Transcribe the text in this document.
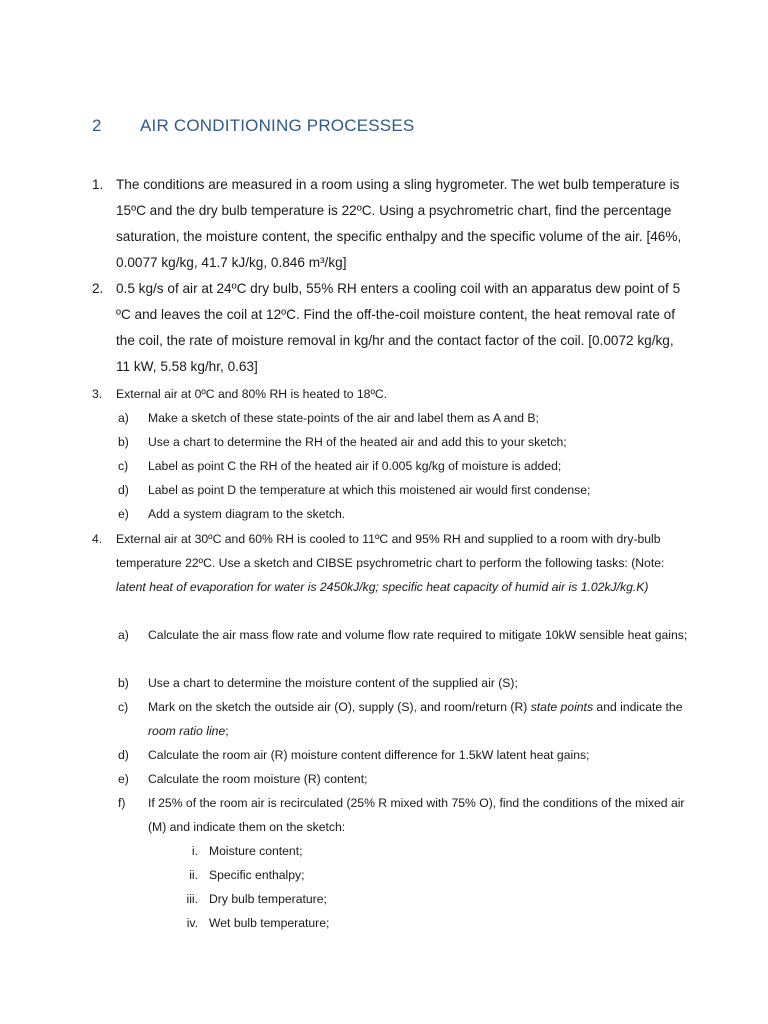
2 AIR CONDITIONING PROCESSES
1. The conditions are measured in a room using a sling hygrometer. The wet bulb temperature is 15ºC and the dry bulb temperature is 22ºC. Using a psychrometric chart, find the percentage saturation, the moisture content, the specific enthalpy and the specific volume of the air. [46%, 0.0077 kg/kg, 41.7 kJ/kg, 0.846 m³/kg]
2. 0.5 kg/s of air at 24ºC dry bulb, 55% RH enters a cooling coil with an apparatus dew point of 5 ºC and leaves the coil at 12ºC. Find the off-the-coil moisture content, the heat removal rate of the coil, the rate of moisture removal in kg/hr and the contact factor of the coil. [0.0072 kg/kg, 11 kW, 5.58 kg/hr, 0.63]
3. External air at 0ºC and 80% RH is heated to 18ºC.
a) Make a sketch of these state-points of the air and label them as A and B;
b) Use a chart to determine the RH of the heated air and add this to your sketch;
c) Label as point C the RH of the heated air if 0.005 kg/kg of moisture is added;
d) Label as point D the temperature at which this moistened air would first condense;
e) Add a system diagram to the sketch.
4. External air at 30ºC and 60% RH is cooled to 11ºC and 95% RH and supplied to a room with dry-bulb temperature 22ºC. Use a sketch and CIBSE psychrometric chart to perform the following tasks: (Note: latent heat of evaporation for water is 2450kJ/kg; specific heat capacity of humid air is 1.02kJ/kg.K)
a) Calculate the air mass flow rate and volume flow rate required to mitigate 10kW sensible heat gains;
b) Use a chart to determine the moisture content of the supplied air (S);
c) Mark on the sketch the outside air (O), supply (S), and room/return (R) state points and indicate the room ratio line;
d) Calculate the room air (R) moisture content difference for 1.5kW latent heat gains;
e) Calculate the room moisture (R) content;
f) If 25% of the room air is recirculated (25% R mixed with 75% O), find the conditions of the mixed air (M) and indicate them on the sketch:
i. Moisture content;
ii. Specific enthalpy;
iii. Dry bulb temperature;
iv. Wet bulb temperature;
